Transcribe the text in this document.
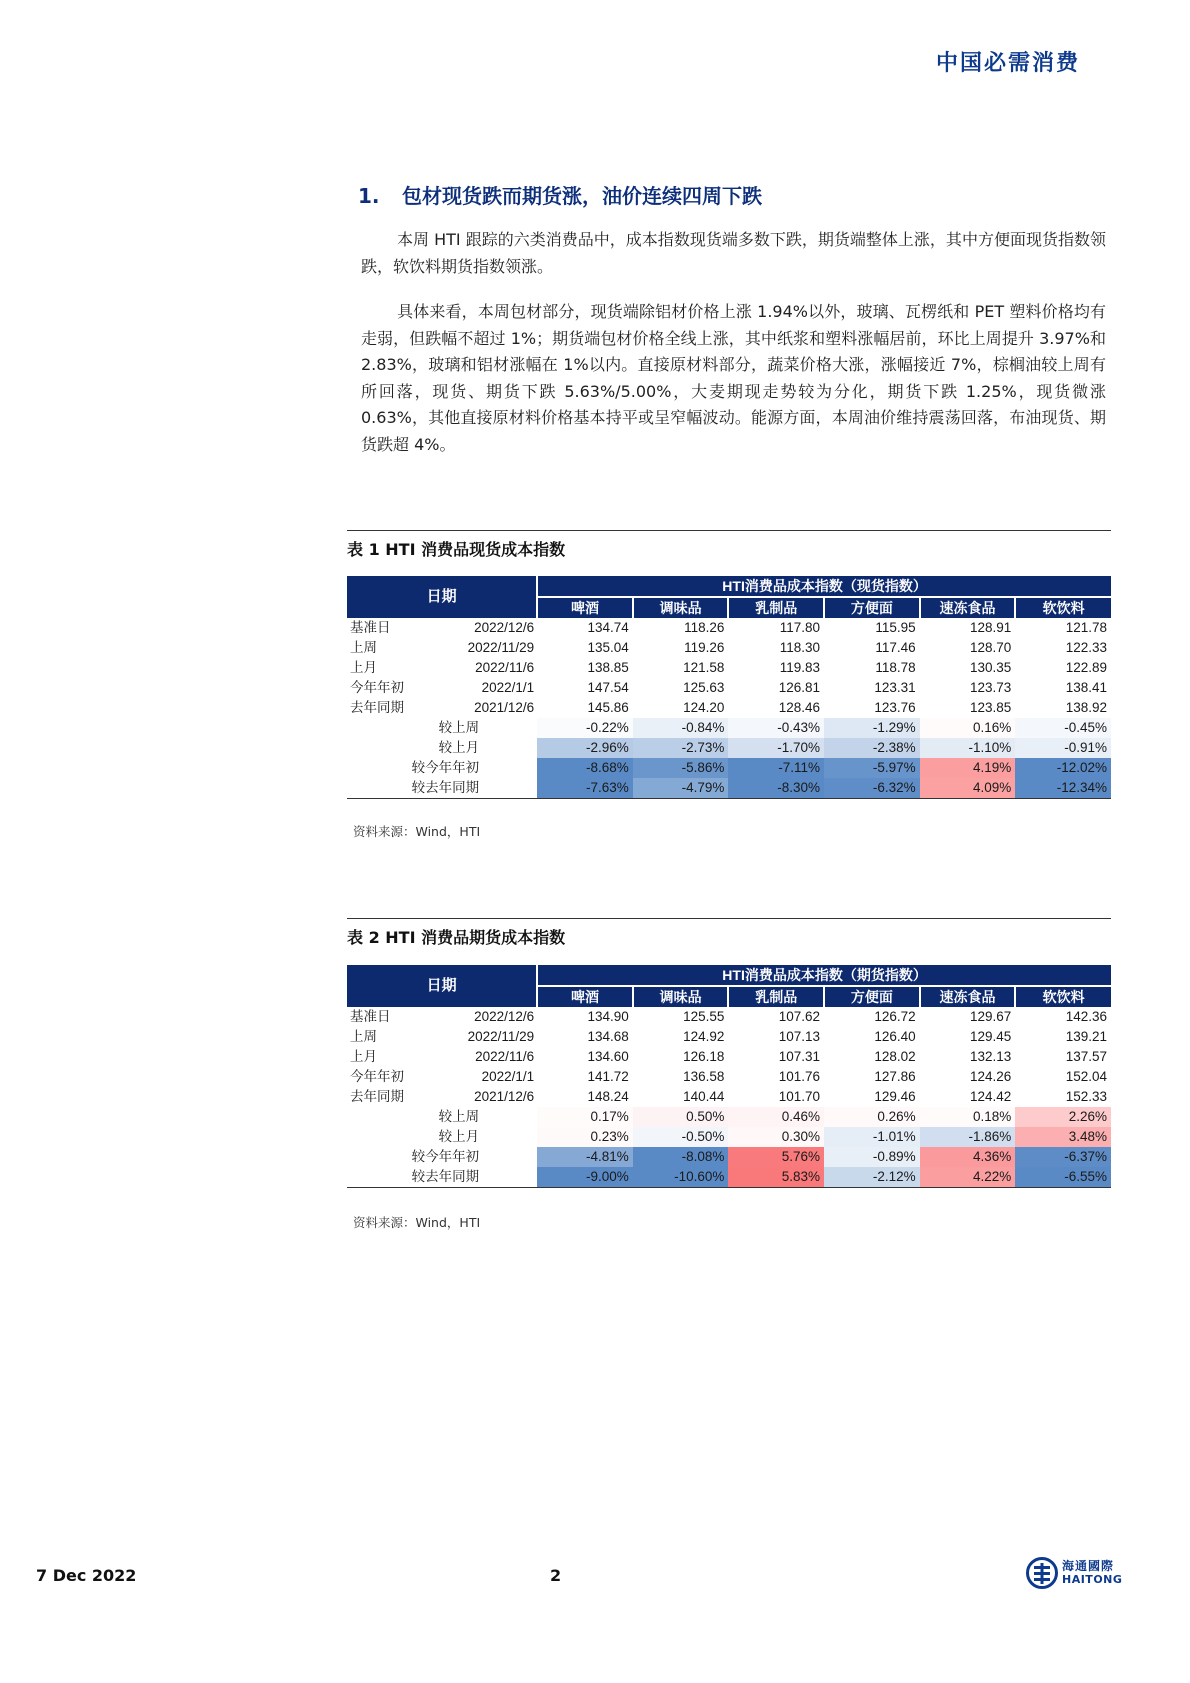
中国必需消费
1. 包材现货跌而期货涨，油价连续四周下跌
本周 HTI 跟踪的六类消费品中，成本指数现货端多数下跌，期货端整体上涨，其中方便面现货指数领跌，软饮料期货指数领涨。
具体来看，本周包材部分，现货端除铝材价格上涨 1.94%以外，玻璃、瓦楞纸和 PET 塑料价格均有走弱，但跌幅不超过 1%；期货端包材价格全线上涨，其中纸浆和塑料涨幅居前，环比上周提升 3.97%和 2.83%，玻璃和铝材涨幅在 1%以内。直接原材料部分，蔬菜价格大涨，涨幅接近 7%，棕榈油较上周有所回落，现货、期货下跌 5.63%/5.00%，大麦期现走势较为分化，期货下跌 1.25%，现货微涨 0.63%，其他直接原材料价格基本持平或呈窄幅波动。能源方面，本周油价维持震荡回落，布油现货、期货跌超 4%。
表 1 HTI 消费品现货成本指数
日期		HTI消费品成本指数（现货指数）					
		啤酒	调味品	乳制品	方便面	速冻食品	软饮料
基准日	2022/12/6	134.74	118.26	117.80	115.95	128.91	121.78
上周	2022/11/29	135.04	119.26	118.30	117.46	128.70	122.33
上月	2022/11/6	138.85	121.58	119.83	118.78	130.35	122.89
今年年初	2022/1/1	147.54	125.63	126.81	123.31	123.73	138.41
去年同期	2021/12/6	145.86	124.20	128.46	123.76	123.85	138.92
较上周		-0.22%	-0.84%	-0.43%	-1.29%	0.16%	-0.45%
较上月		-2.96%	-2.73%	-1.70%	-2.38%	-1.10%	-0.91%
较今年年初		-8.68%	-5.86%	-7.11%	-5.97%	4.19%	-12.02%
较去年同期		-7.63%	-4.79%	-8.30%	-6.32%	4.09%	-12.34%
资料来源：Wind，HTI
表 2 HTI 消费品期货成本指数
日期		HTI消费品成本指数（期货指数）					
		啤酒	调味品	乳制品	方便面	速冻食品	软饮料
基准日	2022/12/6	134.90	125.55	107.62	126.72	129.67	142.36
上周	2022/11/29	134.68	124.92	107.13	126.40	129.45	139.21
上月	2022/11/6	134.60	126.18	107.31	128.02	132.13	137.57
今年年初	2022/1/1	141.72	136.58	101.76	127.86	124.26	152.04
去年同期	2021/12/6	148.24	140.44	101.70	129.46	124.42	152.33
较上周		0.17%	0.50%	0.46%	0.26%	0.18%	2.26%
较上月		0.23%	-0.50%	0.30%	-1.01%	-1.86%	3.48%
较今年年初		-4.81%	-8.08%	5.76%	-0.89%	4.36%	-6.37%
较去年同期		-9.00%	-10.60%	5.83%	-2.12%	4.22%	-6.55%
资料来源：Wind，HTI
7 Dec 2022	2	海通國際
HAITONG
